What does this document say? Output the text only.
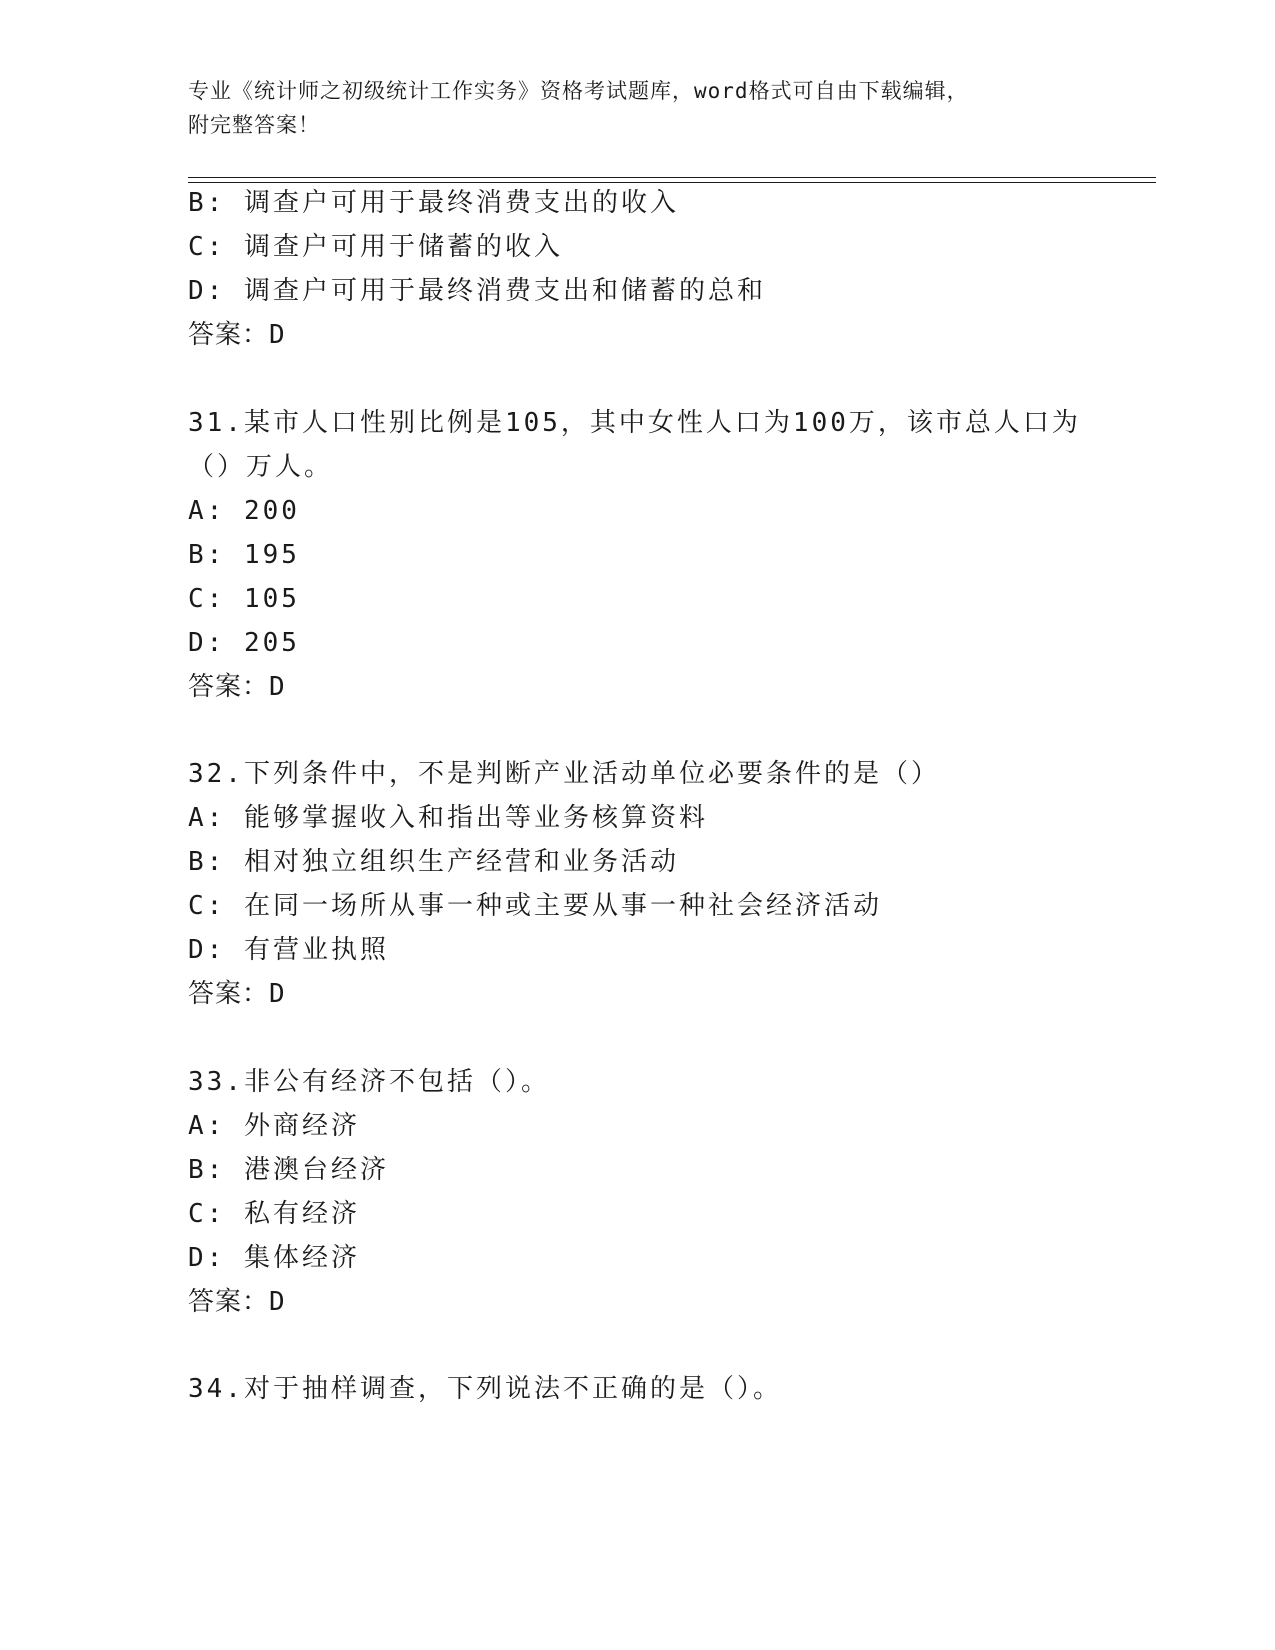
专业《统计师之初级统计工作实务》资格考试题库，word格式可自由下载编辑，
附完整答案！
B: 调查户可用于最终消费支出的收入
C: 调查户可用于储蓄的收入
D: 调查户可用于最终消费支出和储蓄的总和
答案：D
31.某市人口性别比例是105，其中女性人口为100万，该市总人口为
（）万人。
A: 200
B: 195
C: 105
D: 205
答案：D
32.下列条件中，不是判断产业活动单位必要条件的是（）
A: 能够掌握收入和指出等业务核算资料
B: 相对独立组织生产经营和业务活动
C: 在同一场所从事一种或主要从事一种社会经济活动
D: 有营业执照
答案：D
33.非公有经济不包括（）。
A: 外商经济
B: 港澳台经济
C: 私有经济
D: 集体经济
答案：D
34.对于抽样调查，下列说法不正确的是（）。
